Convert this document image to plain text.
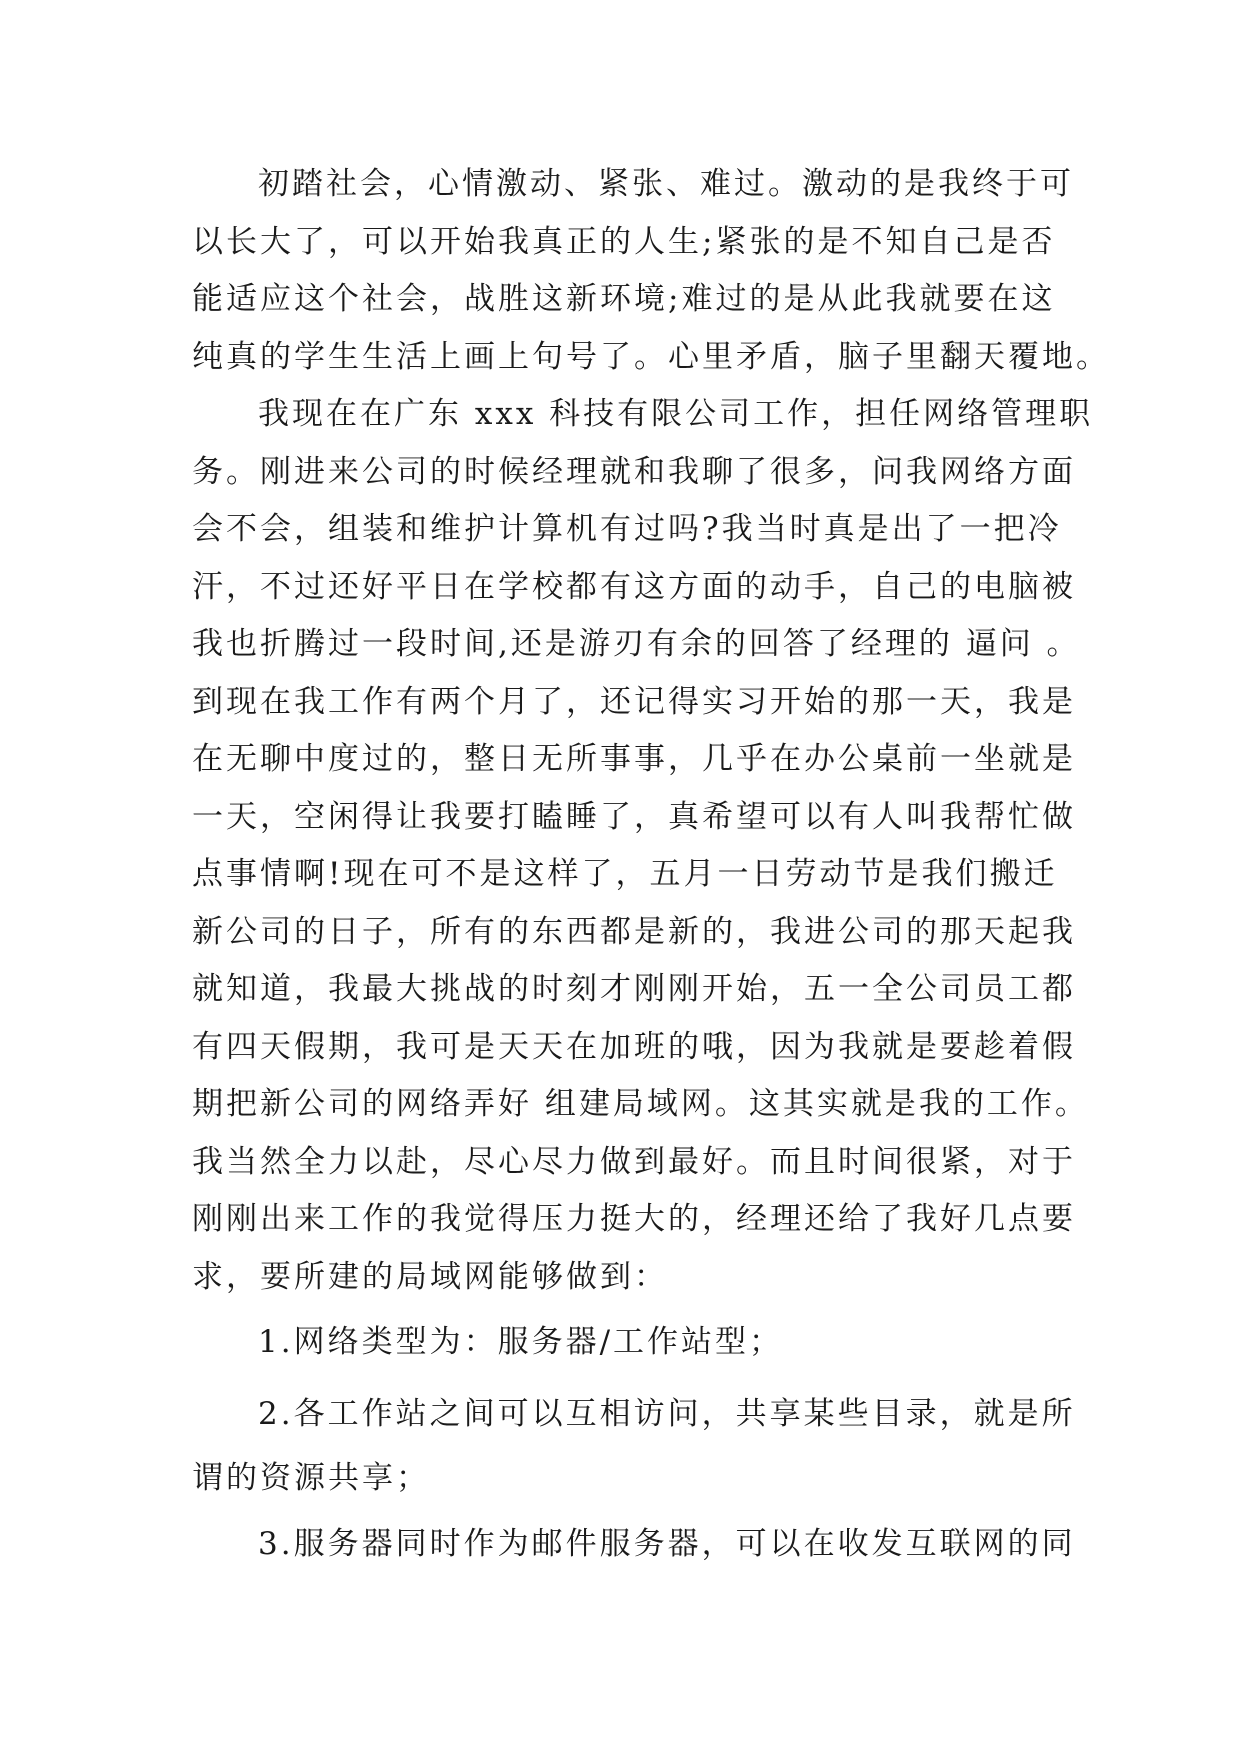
初踏社会，心情激动、紧张、难过。激动的是我终于可
以长大了，可以开始我真正的人生;紧张的是不知自己是否
能适应这个社会，战胜这新环境;难过的是从此我就要在这
纯真的学生生活上画上句号了。心里矛盾，脑子里翻天覆地。
我现在在广东 xxx 科技有限公司工作，担任网络管理职
务。刚进来公司的时候经理就和我聊了很多，问我网络方面
会不会，组装和维护计算机有过吗?我当时真是出了一把冷
汗，不过还好平日在学校都有这方面的动手，自己的电脑被
我也折腾过一段时间,还是游刃有余的回答了经理的 逼问 。
到现在我工作有两个月了，还记得实习开始的那一天，我是
在无聊中度过的，整日无所事事，几乎在办公桌前一坐就是
一天，空闲得让我要打瞌睡了，真希望可以有人叫我帮忙做
点事情啊!现在可不是这样了，五月一日劳动节是我们搬迁
新公司的日子，所有的东西都是新的，我进公司的那天起我
就知道，我最大挑战的时刻才刚刚开始，五一全公司员工都
有四天假期，我可是天天在加班的哦，因为我就是要趁着假
期把新公司的网络弄好 组建局域网。这其实就是我的工作。
我当然全力以赴，尽心尽力做到最好。而且时间很紧，对于
刚刚出来工作的我觉得压力挺大的，经理还给了我好几点要
求，要所建的局域网能够做到：
1.网络类型为：服务器/工作站型；
2.各工作站之间可以互相访问，共享某些目录，就是所
谓的资源共享；
3.服务器同时作为邮件服务器，可以在收发互联网的同
